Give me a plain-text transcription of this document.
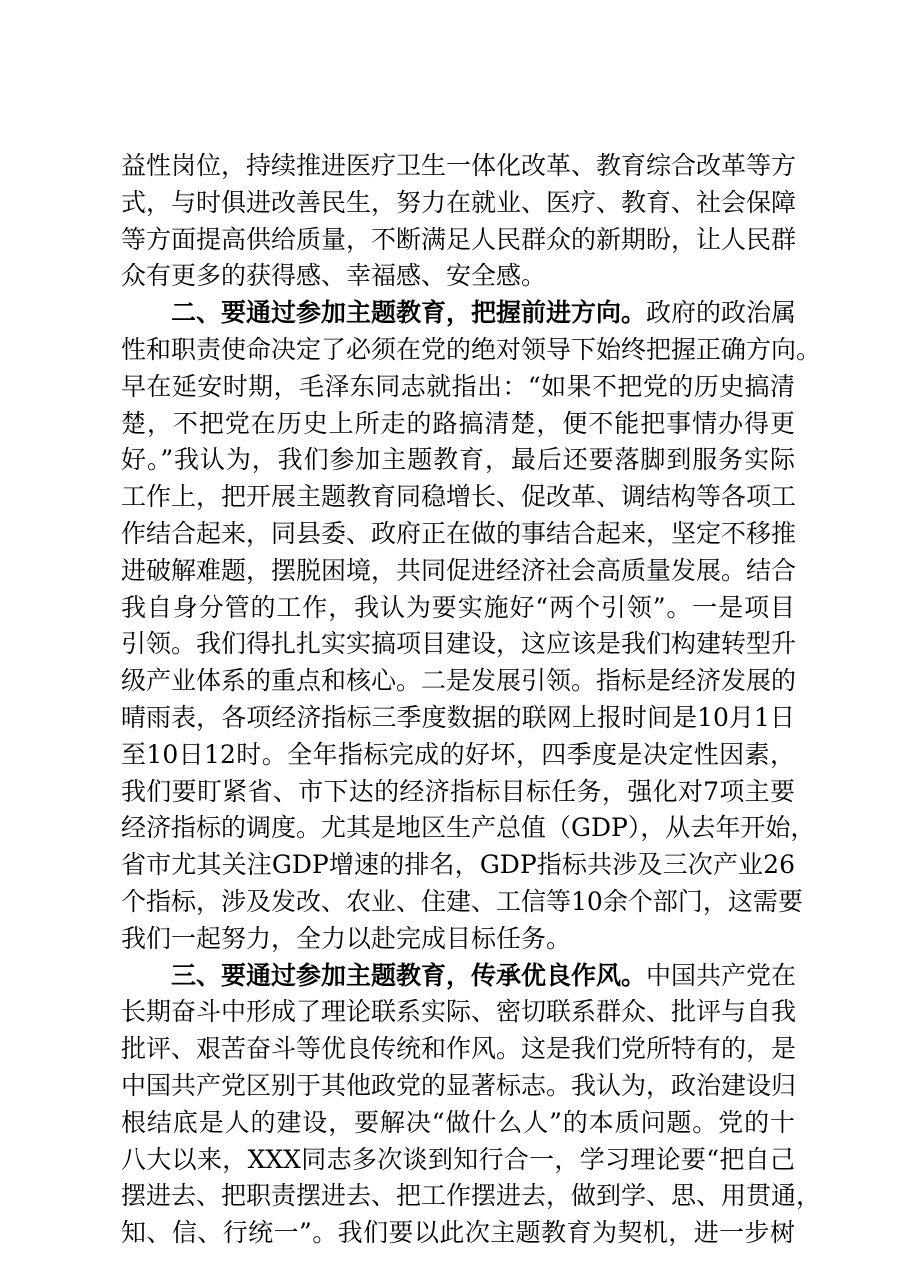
益性岗位，持续推进医疗卫生一体化改革、教育综合改革等方
式，与时俱进改善民生，努力在就业、医疗、教育、社会保障
等方面提高供给质量，不断满足人民群众的新期盼，让人民群
众有更多的获得感、幸福感、安全感。
二、要通过参加主题教育，把握前进方向。政府的政治属
性和职责使命决定了必须在党的绝对领导下始终把握正确方向。
早在延安时期，毛泽东同志就指出：“如果不把党的历史搞清
楚，不把党在历史上所走的路搞清楚，便不能把事情办得更
好。”我认为，我们参加主题教育，最后还要落脚到服务实际
工作上，把开展主题教育同稳增长、促改革、调结构等各项工
作结合起来，同县委、政府正在做的事结合起来，坚定不移推
进破解难题，摆脱困境，共同促进经济社会高质量发展。结合
我自身分管的工作，我认为要实施好“两个引领”。一是项目
引领。我们得扎扎实实搞项目建设，这应该是我们构建转型升
级产业体系的重点和核心。二是发展引领。指标是经济发展的
晴雨表，各项经济指标三季度数据的联网上报时间是10月1日
至10日12时。全年指标完成的好坏，四季度是决定性因素，
我们要盯紧省、市下达的经济指标目标任务，强化对7项主要
经济指标的调度。尤其是地区生产总值（GDP），从去年开始，
省市尤其关注GDP增速的排名，GDP指标共涉及三次产业26
个指标，涉及发改、农业、住建、工信等10余个部门，这需要
我们一起努力，全力以赴完成目标任务。
三、要通过参加主题教育，传承优良作风。中国共产党在
长期奋斗中形成了理论联系实际、密切联系群众、批评与自我
批评、艰苦奋斗等优良传统和作风。这是我们党所特有的，是
中国共产党区别于其他政党的显著标志。我认为，政治建设归
根结底是人的建设，要解决“做什么人”的本质问题。党的十
八大以来，XXX同志多次谈到知行合一，学习理论要“把自己
摆进去、把职责摆进去、把工作摆进去，做到学、思、用贯通，
知、信、行统一”。我们要以此次主题教育为契机，进一步树
